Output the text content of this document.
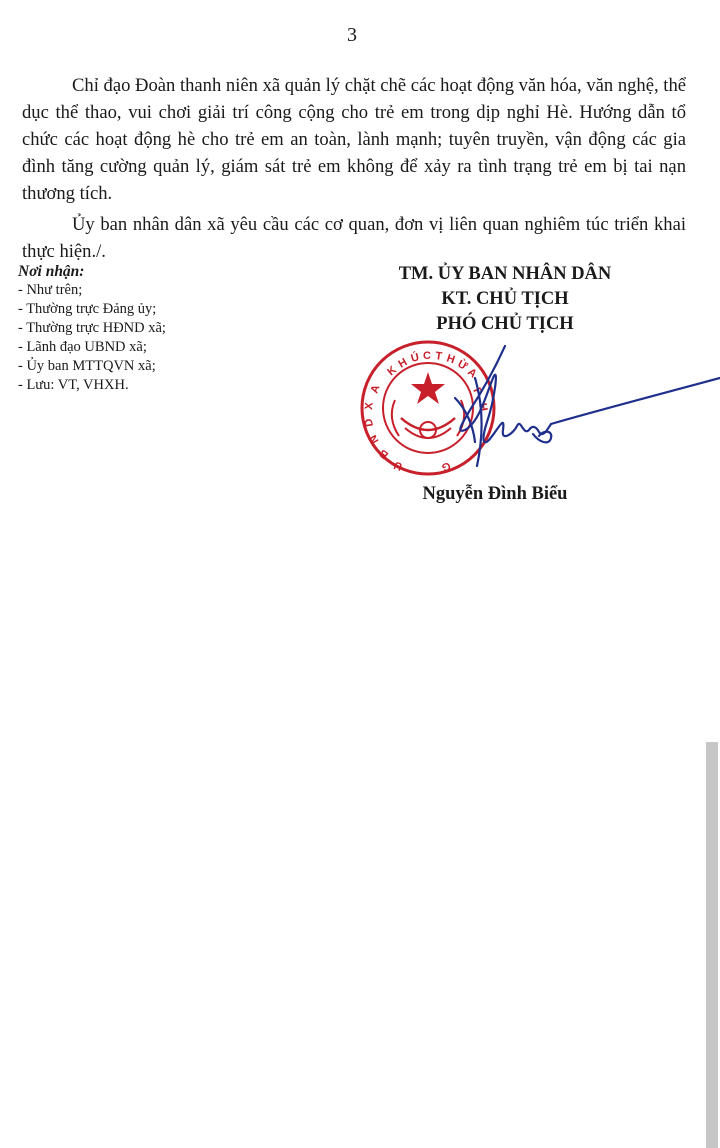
3

Chỉ đạo Đoàn thanh niên xã quản lý chặt chẽ các hoạt động văn hóa, văn nghệ, thể dục thể thao, vui chơi giải trí công cộng cho trẻ em trong dịp nghỉ Hè. Hướng dẫn tổ chức các hoạt động hè cho trẻ em an toàn, lành mạnh; tuyên truyền, vận động các gia đình tăng cường quản lý, giám sát trẻ em không để xảy ra tình trạng trẻ em bị tai nạn thương tích.

Ủy ban nhân dân xã yêu cầu các cơ quan, đơn vị liên quan nghiêm túc triển khai thực hiện./.

Nơi nhận:
- Như trên;
- Thường trực Đảng ủy;
- Thường trực HĐND xã;
- Lãnh đạo UBND xã;
- Ủy ban MTTQVN xã;
- Lưu: VT, VHXH.
TM. ỦY BAN NHÂN DÂN
KT. CHỦ TỊCH
PHÓ CHỦ TỊCH
K
H Ú C T H Ừ
A
A
X
D
N
B
U
P
H
G
Nguyễn Đình Biểu
